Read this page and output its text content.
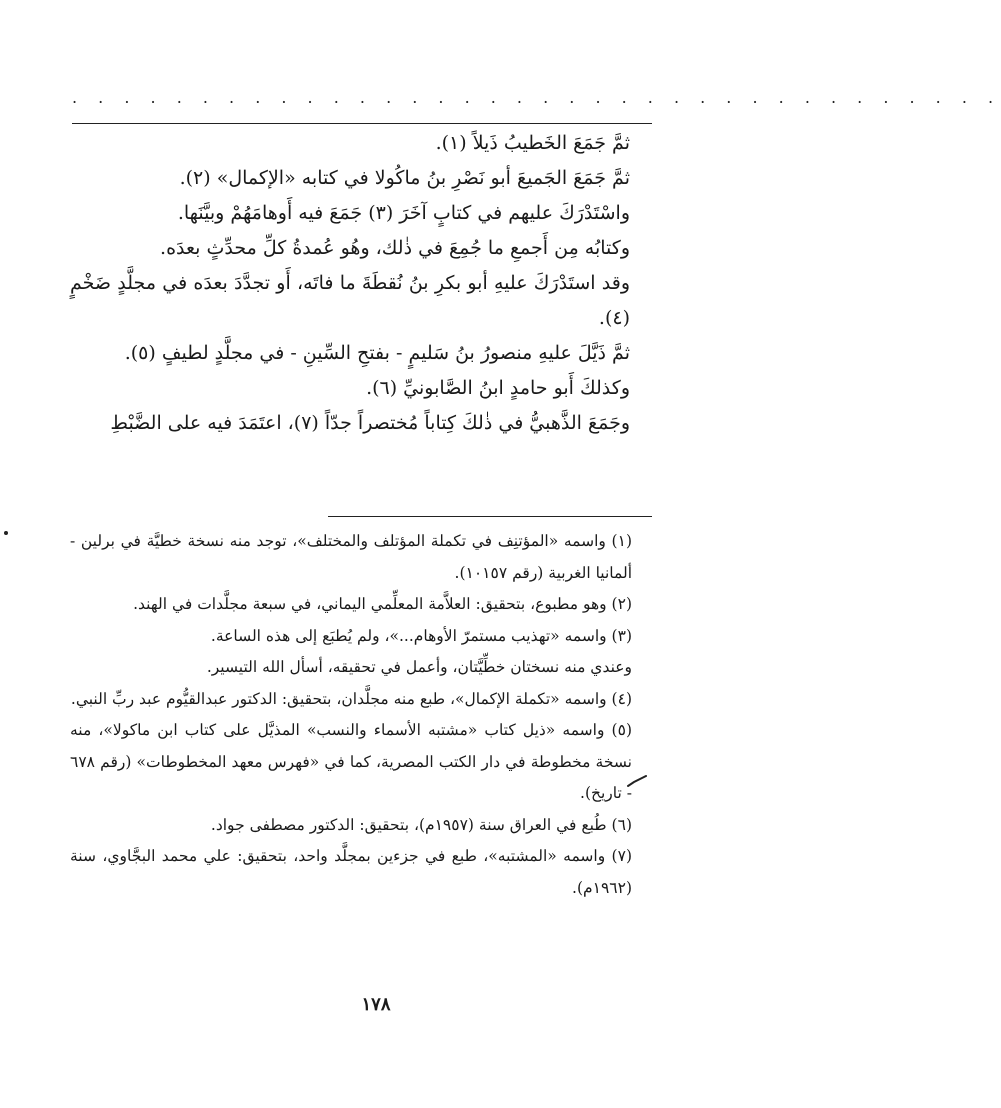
. . . . . . . . . . . . . . . . . . . . . . . . . . . . . . . . . . . .

ثمَّ جَمَعَ الخَطيبُ ذَيلاً (١).

ثمَّ جَمَعَ الجَميعَ أبو نَصْرِ بنُ ماكُولا في كتابه «الإكمال» (٢).

واسْتَدْرَكَ عليهم في كتابٍ آخَرَ (٣) جَمَعَ فيه أَوهامَهُمْ وبيَّنَها.

وكتابُه مِن أَجمعِ ما جُمِعَ في ذٰلك، وهُو عُمدةُ كلِّ محدِّثٍ بعدَه.

وقد استَدْرَكَ عليهِ أبو بكرِ بنُ نُقطَةَ ما فاتَه، أَو تجدَّدَ بعدَه في مجلَّدٍ ضَخْمٍ (٤).

ثمَّ ذَيَّلَ عليهِ منصورُ بنُ سَليمٍ - بفتحِ السِّينِ - في مجلَّدٍ لطيفٍ (٥).

وكذلكَ أَبو حامدٍ ابنُ الصَّابونيِّ (٦).

وجَمَعَ الذَّهبيُّ في ذٰلكَ كِتاباً مُختصراً جدّاً (٧)، اعتَمَدَ فيه على الضَّبْطِ

(١) واسمه «المؤتنِف في تكملة المؤتلف والمختلف»، توجد منه نسخة خطيَّة في برلين - ألمانيا الغربية (رقم ١٠١٥٧).

(٢) وهو مطبوع، بتحقيق: العلاَّمة المعلِّمي اليماني، في سبعة مجلَّدات في الهند.

(٣) واسمه «تهذيب مستمرّ الأوهام...»، ولم يُطبَع إلى هذه الساعة.

وعندي منه نسختان خطِّيَّتان، وأعمل في تحقيقه، أسأل الله التيسير.

(٤) واسمه «تكملة الإكمال»، طبع منه مجلَّدان، بتحقيق: الدكتور عبدالقيُّوم عبد ربِّ النبي.

(٥) واسمه «ذيل كتاب «مشتبه الأسماء والنسب» المذيَّل على كتاب ابن ماكولا»، منه نسخة مخطوطة في دار الكتب المصرية، كما في «فهرس معهد المخطوطات» (رقم ٦٧٨ - تاريخ).

(٦) طُبع في العراق سنة (١٩٥٧م)، بتحقيق: الدكتور مصطفى جواد.

(٧) واسمه «المشتبه»، طبع في جزءين بمجلَّد واحد، بتحقيق: علي محمد البجَّاوي، سنة (١٩٦٢م).

١٧٨
